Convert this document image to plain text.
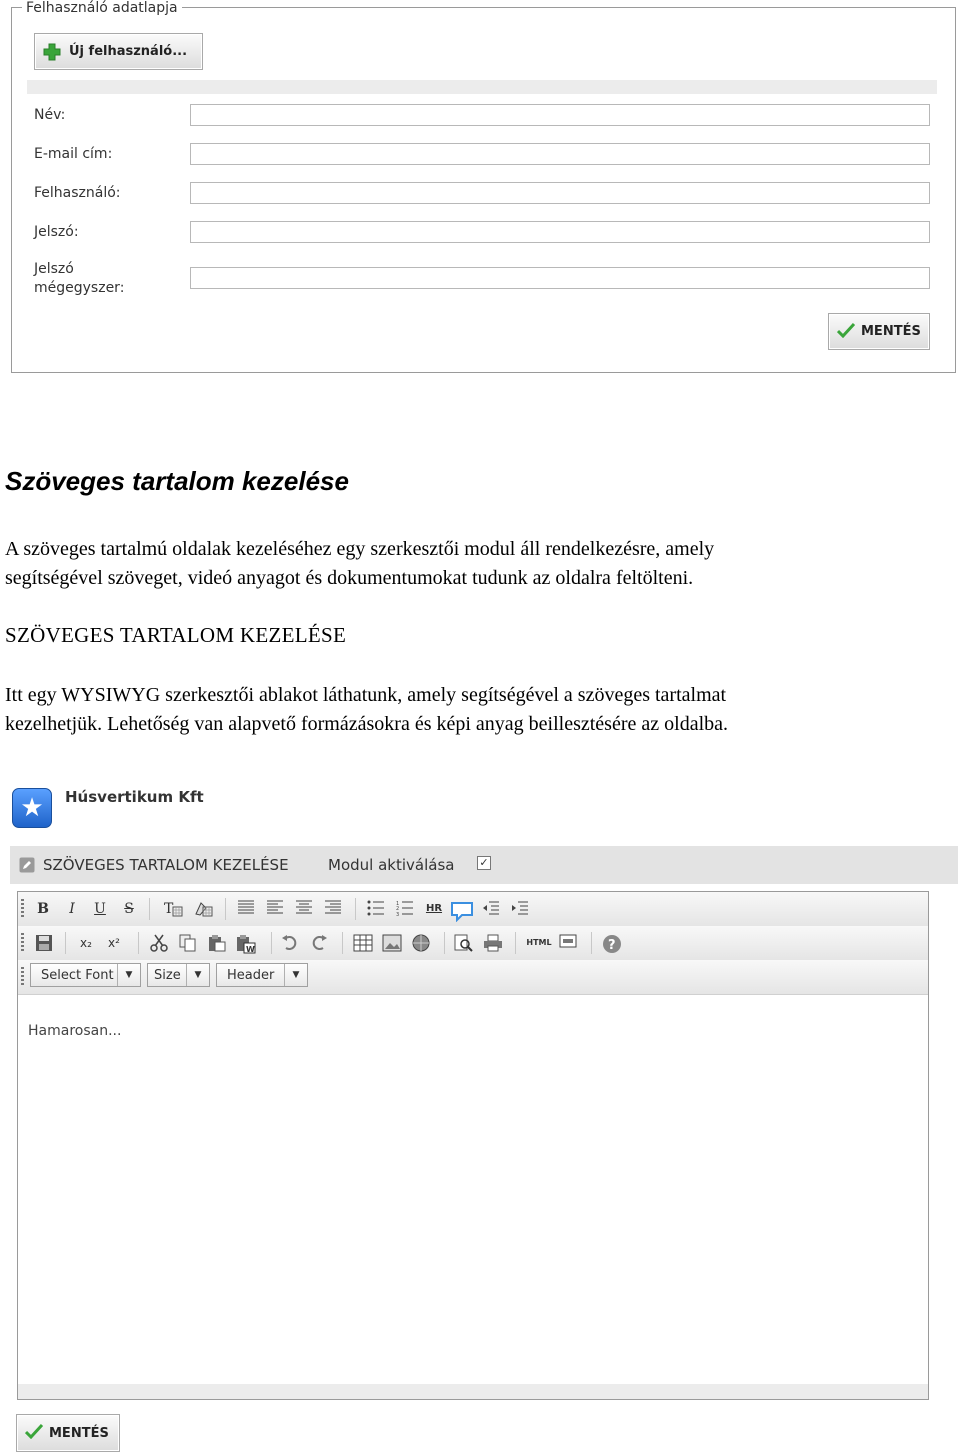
Felhasználó adatlapja
Új felhasználó...
Név:
E-mail cím:
Felhasználó:
Jelszó:
Jelszó
mégegyszer:
MENTÉS
Szöveges tartalom kezelése
A szöveges tartalmú oldalak kezeléséhez egy szerkesztői modul áll rendelkezésre, amely
segítségével szöveget, videó anyagot és dokumentumokat tudunk az oldalra feltölteni.
SZÖVEGES TARTALOM KEZELÉSE
Itt egy WYSIWYG szerkesztői ablakot láthatunk, amely segítségével a szöveges tartalmat
kezelhetjük. Lehetőség van alapvető formázásokra és képi anyag beillesztésére az oldalba.
★	Húsvertikum Kft
SZÖVEGES TARTALOM KEZELÉSE	Modul aktiválása ✓
B	I	U	S	T	1
2
3
HR
x₂	x²	W
HTML	?
Select Font	▼	Size	▼	Header	▼
Hamarosan...
MENTÉS
